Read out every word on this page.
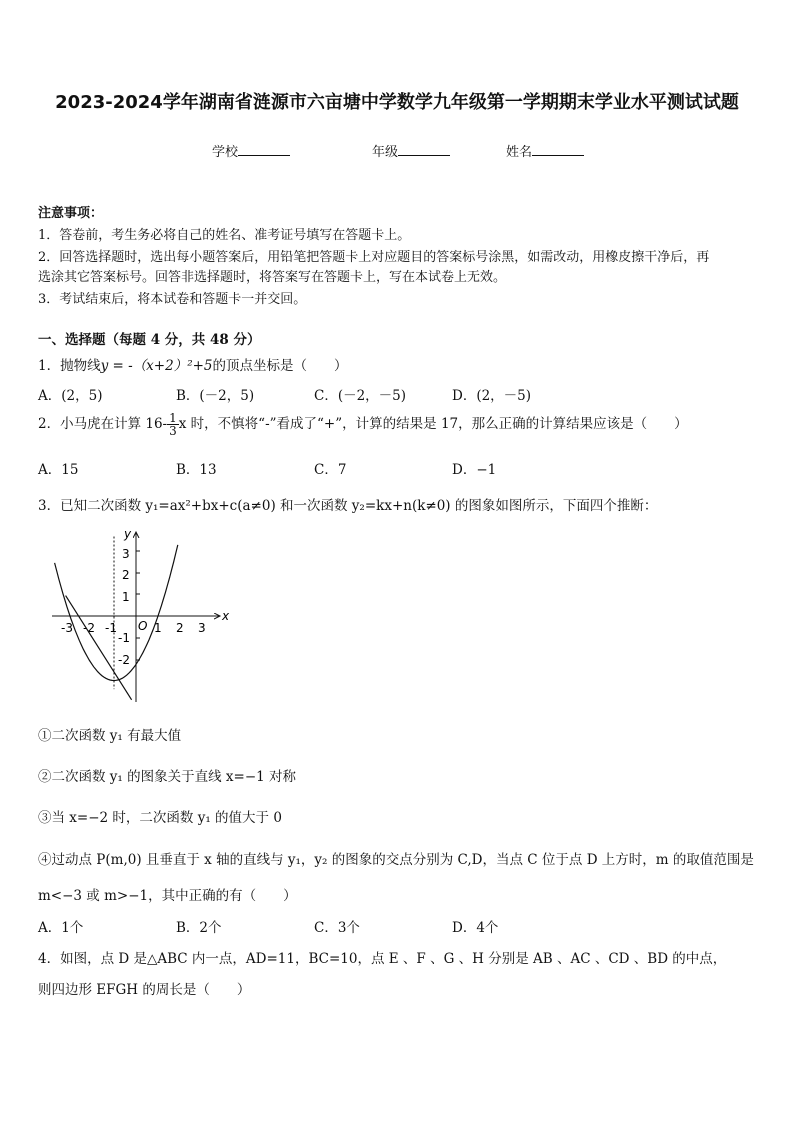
2023-2024学年湖南省涟源市六亩塘中学数学九年级第一学期期末学业水平测试试题
学校	年级	姓名
注意事项：
1．答卷前，考生务必将自己的姓名、准考证号填写在答题卡上。
2．回答选择题时，选出每小题答案后，用铅笔把答题卡上对应题目的答案标号涂黑，如需改动，用橡皮擦干净后，再
选涂其它答案标号。回答非选择题时，将答案写在答题卡上，写在本试卷上无效。
3．考试结束后，将本试卷和答题卡一并交回。
一、选择题（每题 4 分，共 48 分）
1．抛物线y = -（x+2）²+5的顶点坐标是（　　）
A．(2，5)	B．(－2，5)	C．(－2，－5)	D．(2，－5)
2．小马虎在计算 $16- \frac{1}{3}$ x 时，不慎将“-”看成了“+”，计算的结果是 17，那么正确的计算结果应该是（　　）
A．15	B．13	C．7	D．−1
3．已知二次函数 y₁=ax²+bx+c(a≠0) 和一次函数 y₂=kx+n(k≠0) 的图象如图所示，下面四个推断：
x
y
O
-3 -2 -1	1 2 3
3
2
1
-1
-2
①二次函数 y₁ 有最大值
②二次函数 y₁ 的图象关于直线 x=−1 对称
③当 x=−2 时，二次函数 y₁ 的值大于 0
④过动点 P(m,0) 且垂直于 x 轴的直线与 y₁，y₂ 的图象的交点分别为 C,D，当点 C 位于点 D 上方时，m 的取值范围是
m<−3 或 m>−1，其中正确的有（　　）
A．1个	B．2个	C．3个	D．4个
4．如图，点 D 是△ABC 内一点，AD=11，BC=10，点 E 、F 、G 、H 分别是 AB 、AC 、CD 、BD 的中点，
则四边形 EFGH 的周长是（　　）
